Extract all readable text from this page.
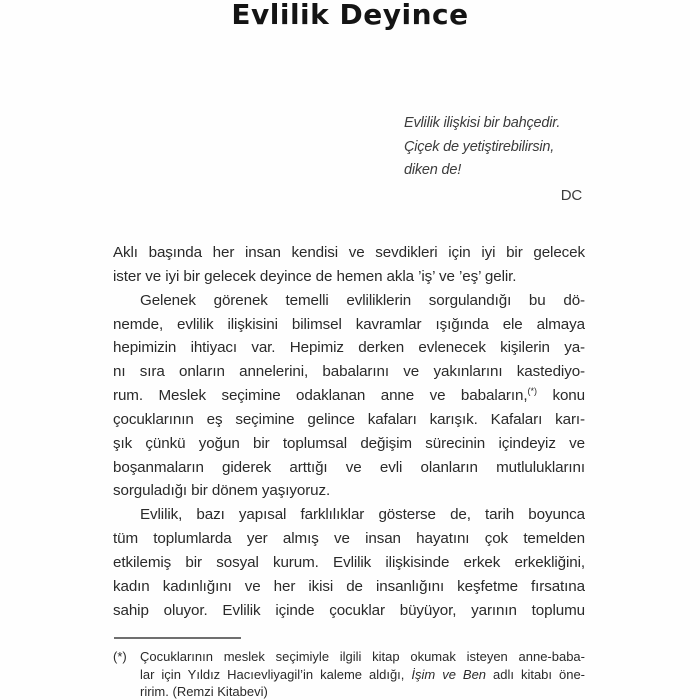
Evlilik Deyince
Evlilik ilişkisi bir bahçedir.
Çiçek de yetiştirebilirsin,
diken de!
DC
Aklı başında her insan kendisi ve sevdikleri için iyi bir gelecek
ister ve iyi bir gelecek deyince de hemen akla ’iş’ ve ’eş’ gelir.
Gelenek görenek temelli evliliklerin sorgulandığı bu dö-
nemde, evlilik ilişkisini bilimsel kavramlar ışığında ele almaya
hepimizin ihtiyacı var. Hepimiz derken evlenecek kişilerin ya-
nı sıra onların annelerini, babalarını ve yakınlarını kastediyo-
rum. Meslek seçimine odaklanan anne ve babaların,(*) konu
çocuklarının eş seçimine gelince kafaları karışık. Kafaları karı-
şık çünkü yoğun bir toplumsal değişim sürecinin içindeyiz ve
boşanmaların giderek arttığı ve evli olanların mutluluklarını
sorguladığı bir dönem yaşıyoruz.
Evlilik, bazı yapısal farklılıklar gösterse de, tarih boyunca
tüm toplumlarda yer almış ve insan hayatını çok temelden
etkilemiş bir sosyal kurum. Evlilik ilişkisinde erkek erkekliğini,
kadın kadınlığını ve her ikisi de insanlığını keşfetme fırsatına
sahip oluyor. Evlilik içinde çocuklar büyüyor, yarının toplumu
(*)	Çocuklarının meslek seçimiyle ilgili kitap okumak isteyen anne-baba-
lar için Yıldız Hacıevliyagil’in kaleme aldığı, İşim ve Ben adlı kitabı öne-
ririm. (Remzi Kitabevi)
